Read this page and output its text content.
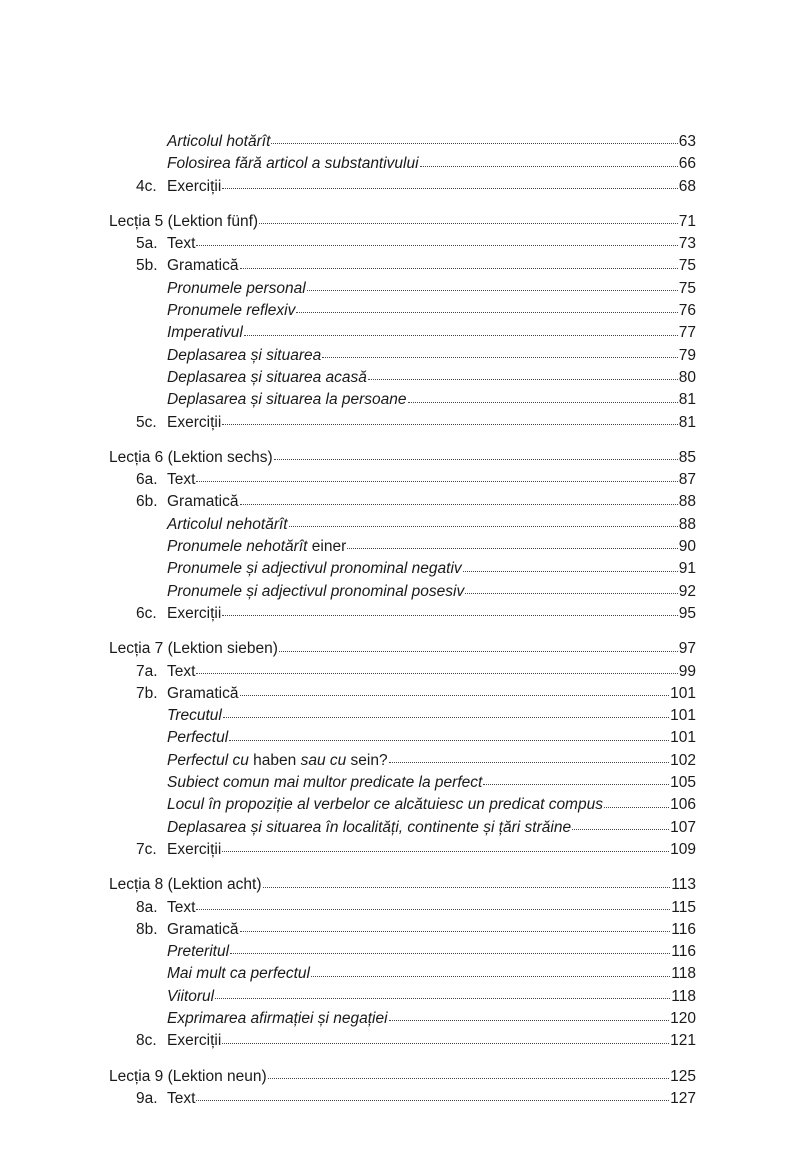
Articolul hotărît	63
Folosirea fără articol a substantivului	66
4c. Exerciții	68
Lecția 5 (Lektion fünf)	71
5a. Text	73
5b. Gramatică	75
Pronumele personal	75
Pronumele reflexiv	76
Imperativul	77
Deplasarea și situarea	79
Deplasarea și situarea acasă	80
Deplasarea și situarea la persoane	81
5c. Exerciții	81
Lecția 6 (Lektion sechs)	85
6a. Text	87
6b. Gramatică	88
Articolul nehotărît	88
Pronumele nehotărît einer	90
Pronumele și adjectivul pronominal negativ	91
Pronumele și adjectivul pronominal posesiv	92
6c. Exerciții	95
Lecția 7 (Lektion sieben)	97
7a. Text	99
7b. Gramatică	101
Trecutul	101
Perfectul	101
Perfectul cu haben sau cu sein?	102
Subiect comun mai multor predicate la perfect	105
Locul în propoziție al verbelor ce alcătuiesc un predicat compus	106
Deplasarea și situarea în localități, continente și țări străine	107
7c. Exerciții	109
Lecția 8 (Lektion acht)	113
8a. Text	115
8b. Gramatică	116
Preteritul	116
Mai mult ca perfectul	118
Viitorul	118
Exprimarea afirmației și negației	120
8c. Exerciții	121
Lecția 9 (Lektion neun)	125
9a. Text	127
